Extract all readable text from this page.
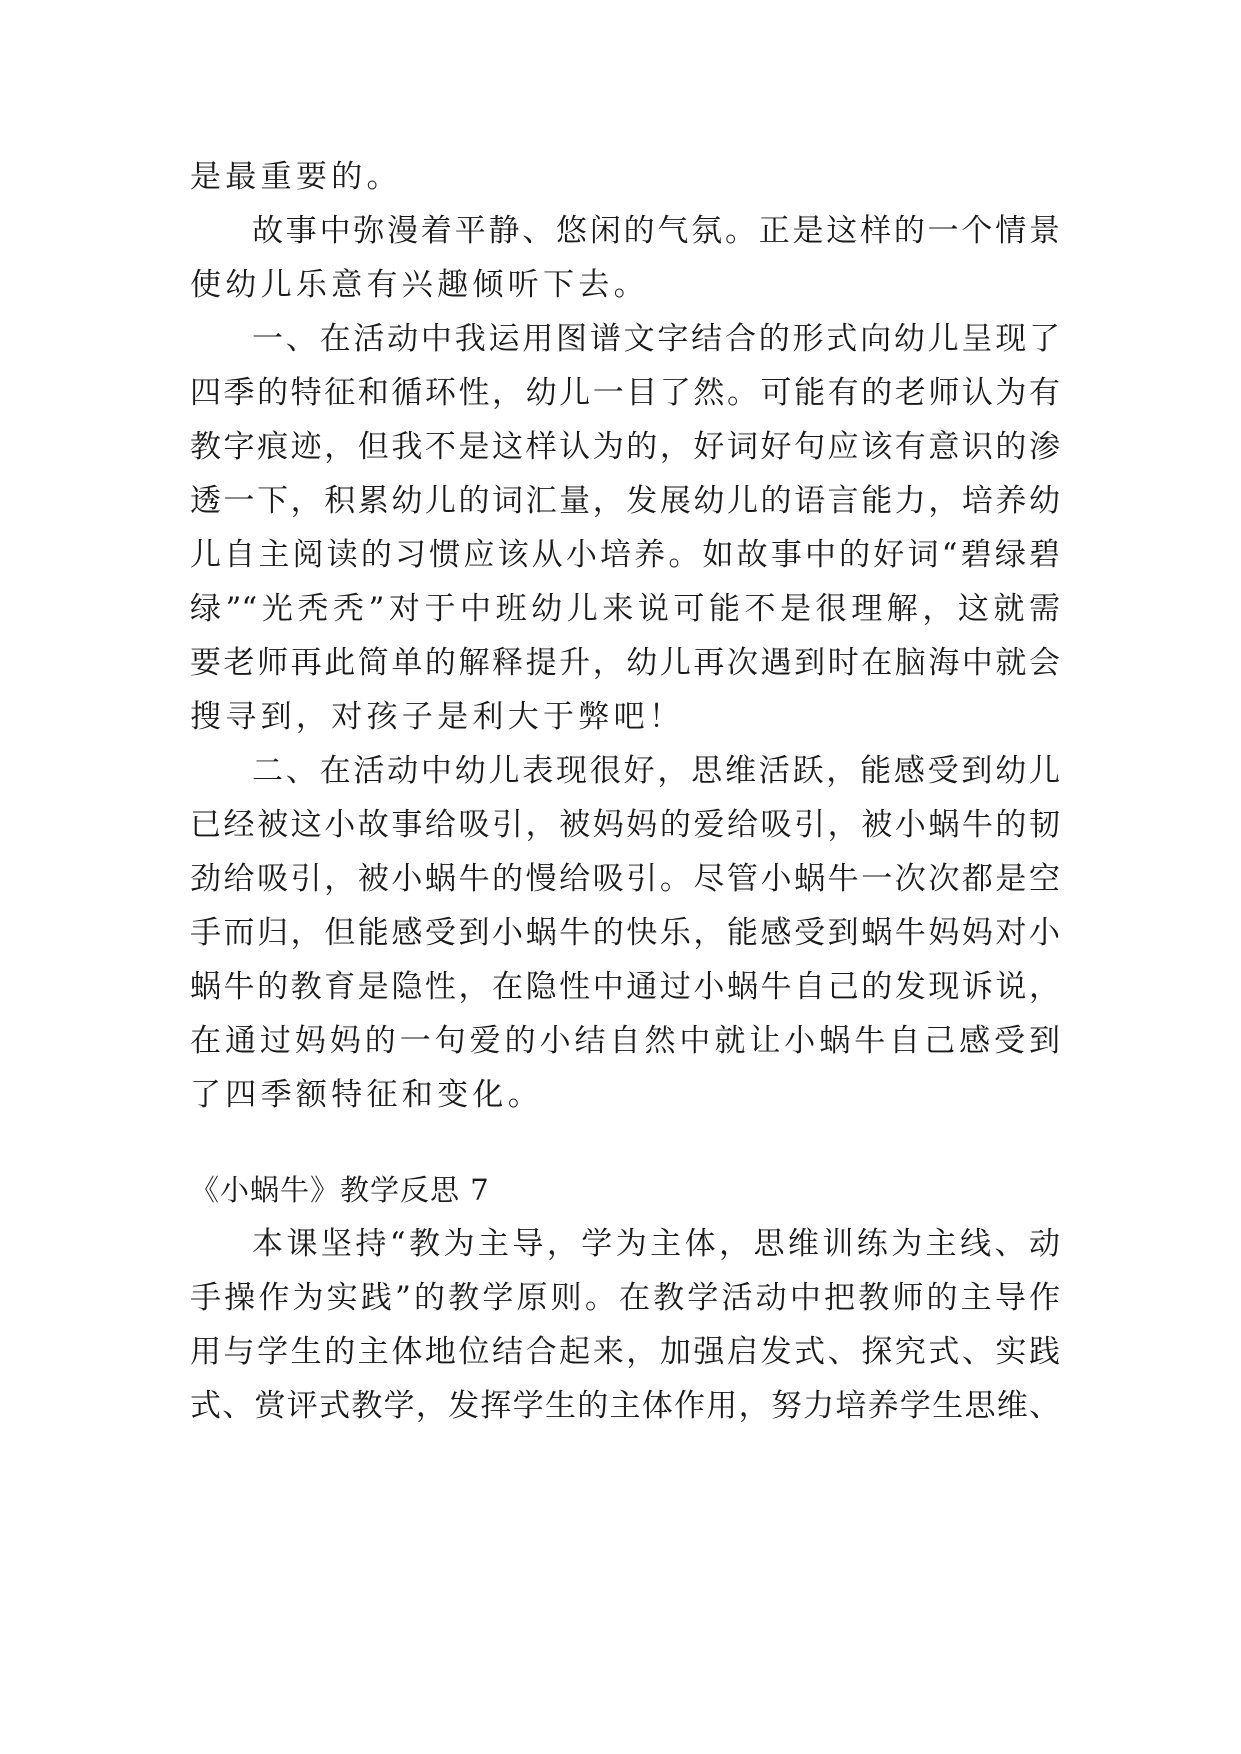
是最重要的。
故事中弥漫着平静、悠闲的气氛。正是这样的一个情景
使幼儿乐意有兴趣倾听下去。
一、在活动中我运用图谱文字结合的形式向幼儿呈现了
四季的特征和循环性，幼儿一目了然。可能有的老师认为有
教字痕迹，但我不是这样认为的，好词好句应该有意识的渗
透一下，积累幼儿的词汇量，发展幼儿的语言能力，培养幼
儿自主阅读的习惯应该从小培养。如故事中的好词“碧绿碧
绿”“光秃秃”对于中班幼儿来说可能不是很理解，这就需
要老师再此简单的解释提升，幼儿再次遇到时在脑海中就会
搜寻到，对孩子是利大于弊吧！
二、在活动中幼儿表现很好，思维活跃，能感受到幼儿
已经被这小故事给吸引，被妈妈的爱给吸引，被小蜗牛的韧
劲给吸引，被小蜗牛的慢给吸引。尽管小蜗牛一次次都是空
手而归，但能感受到小蜗牛的快乐，能感受到蜗牛妈妈对小
蜗牛的教育是隐性，在隐性中通过小蜗牛自己的发现诉说，
在通过妈妈的一句爱的小结自然中就让小蜗牛自己感受到
了四季额特征和变化。
《小蜗牛》教学反思 7
本课坚持“教为主导，学为主体，思维训练为主线、动
手操作为实践”的教学原则。在教学活动中把教师的主导作
用与学生的主体地位结合起来，加强启发式、探究式、实践
式、赏评式教学，发挥学生的主体作用，努力培养学生思维、
